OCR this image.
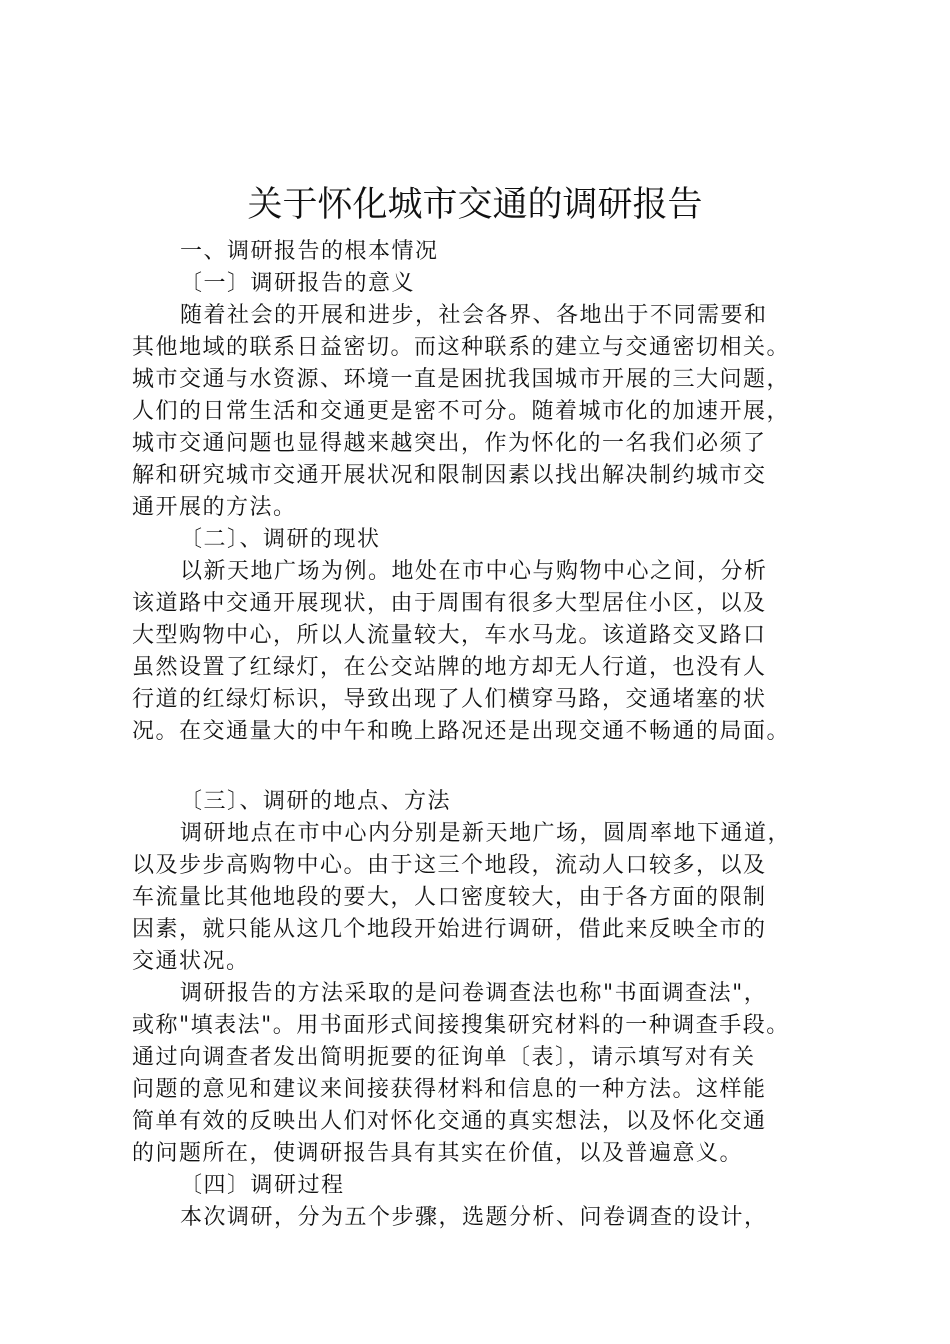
关于怀化城市交通的调研报告
一、调研报告的根本情况
〔一〕调研报告的意义
随着社会的开展和进步，社会各界、各地出于不同需要和
其他地域的联系日益密切。而这种联系的建立与交通密切相关。
城市交通与水资源、环境一直是困扰我国城市开展的三大问题，
人们的日常生活和交通更是密不可分。随着城市化的加速开展，
城市交通问题也显得越来越突出，作为怀化的一名我们必须了
解和研究城市交通开展状况和限制因素以找出解决制约城市交
通开展的方法。
〔二〕、调研的现状
以新天地广场为例。地处在市中心与购物中心之间，分析
该道路中交通开展现状，由于周围有很多大型居住小区，以及
大型购物中心，所以人流量较大，车水马龙。该道路交叉路口
虽然设置了红绿灯，在公交站牌的地方却无人行道，也没有人
行道的红绿灯标识，导致出现了人们横穿马路，交通堵塞的状
况。在交通量大的中午和晚上路况还是出现交通不畅通的局面。
〔三〕、调研的地点、方法
调研地点在市中心内分别是新天地广场，圆周率地下通道，
以及步步高购物中心。由于这三个地段，流动人口较多，以及
车流量比其他地段的要大，人口密度较大，由于各方面的限制
因素，就只能从这几个地段开始进行调研，借此来反映全市的
交通状况。
调研报告的方法采取的是问卷调查法也称"书面调查法"，
或称"填表法"。用书面形式间接搜集研究材料的一种调查手段。
通过向调查者发出简明扼要的征询单〔表〕，请示填写对有关
问题的意见和建议来间接获得材料和信息的一种方法。这样能
简单有效的反映出人们对怀化交通的真实想法，以及怀化交通
的问题所在，使调研报告具有其实在价值，以及普遍意义。
〔四〕调研过程
本次调研，分为五个步骤，选题分析、问卷调查的设计，
